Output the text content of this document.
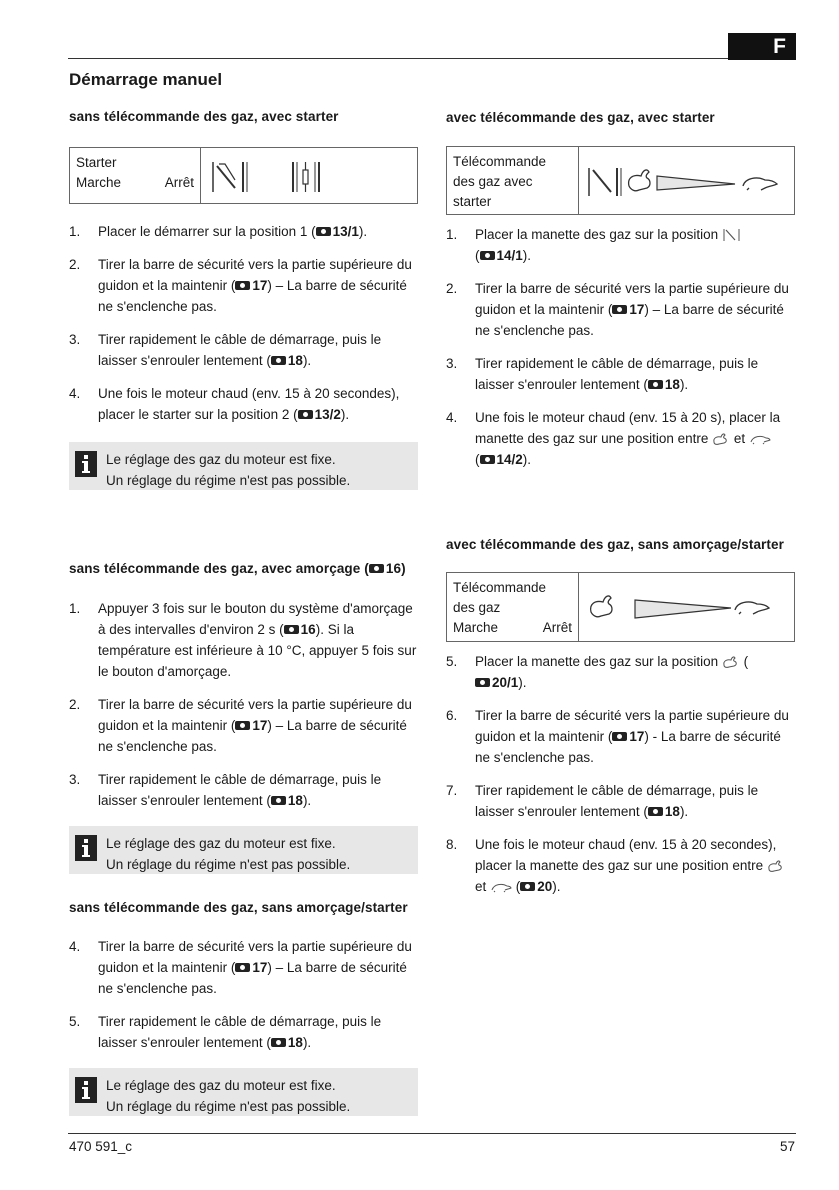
F
Démarrage manuel
sans télécommande des gaz, avec starter
Starter
Marche	Arrêt
1. Placer le démarrer sur la position 1 ( 13/1).
2. Tirer la barre de sécurité vers la partie supérieure du guidon et la maintenir ( 17) – La barre de sécurité ne s'enclenche pas.
3. Tirer rapidement le câble de démarrage, puis le laisser s'enrouler lentement ( 18).
4. Une fois le moteur chaud (env. 15 à 20 secondes), placer le starter sur la position 2 ( 13/2).

Le réglage des gaz du moteur est fixe.

Un réglage du régime n'est pas possible.

sans télécommande des gaz, avec amorçage ( 16)
1. Appuyer 3 fois sur le bouton du système d'amorçage à des intervalles d'environ 2 s ( 16). Si la température est inférieure à 10 °C, appuyer 5 fois sur le bouton d'amorçage.
2. Tirer la barre de sécurité vers la partie supérieure du guidon et la maintenir ( 17) – La barre de sécurité ne s'enclenche pas.
3. Tirer rapidement le câble de démarrage, puis le laisser s'enrouler lentement ( 18).

Le réglage des gaz du moteur est fixe.

Un réglage du régime n'est pas possible.

sans télécommande des gaz, sans amorçage/starter
4. Tirer la barre de sécurité vers la partie supérieure du guidon et la maintenir ( 17) – La barre de sécurité ne s'enclenche pas.
5. Tirer rapidement le câble de démarrage, puis le laisser s'enrouler lentement ( 18).

Le réglage des gaz du moteur est fixe.

Un réglage du régime n'est pas possible.

avec télécommande des gaz, avec starter
Télécommande
des gaz avec
starter
1. Placer la manette des gaz sur la position
( 14/1).
2. Tirer la barre de sécurité vers la partie supérieure du guidon et la maintenir ( 17) – La barre de sécurité ne s'enclenche pas.
3. Tirer rapidement le câble de démarrage, puis le laisser s'enrouler lentement ( 18).
4. Une fois le moteur chaud (env. 15 à 20 s), placer la manette des gaz sur une position entre  et
( 14/2).
avec télécommande des gaz, sans amorçage/starter
Télécommande
des gaz
Marche	Arrêt
5. Placer la manette des gaz sur la position  (20/1).
6. Tirer la barre de sécurité vers la partie supérieure du guidon et la maintenir ( 17) - La barre de sécurité ne s'enclenche pas.
7. Tirer rapidement le câble de démarrage, puis le laisser s'enrouler lentement ( 18).
8. Une fois le moteur chaud (env. 15 à 20 secondes), placer la manette des gaz sur une position entre  et  ( 20).
470 591_c	57
